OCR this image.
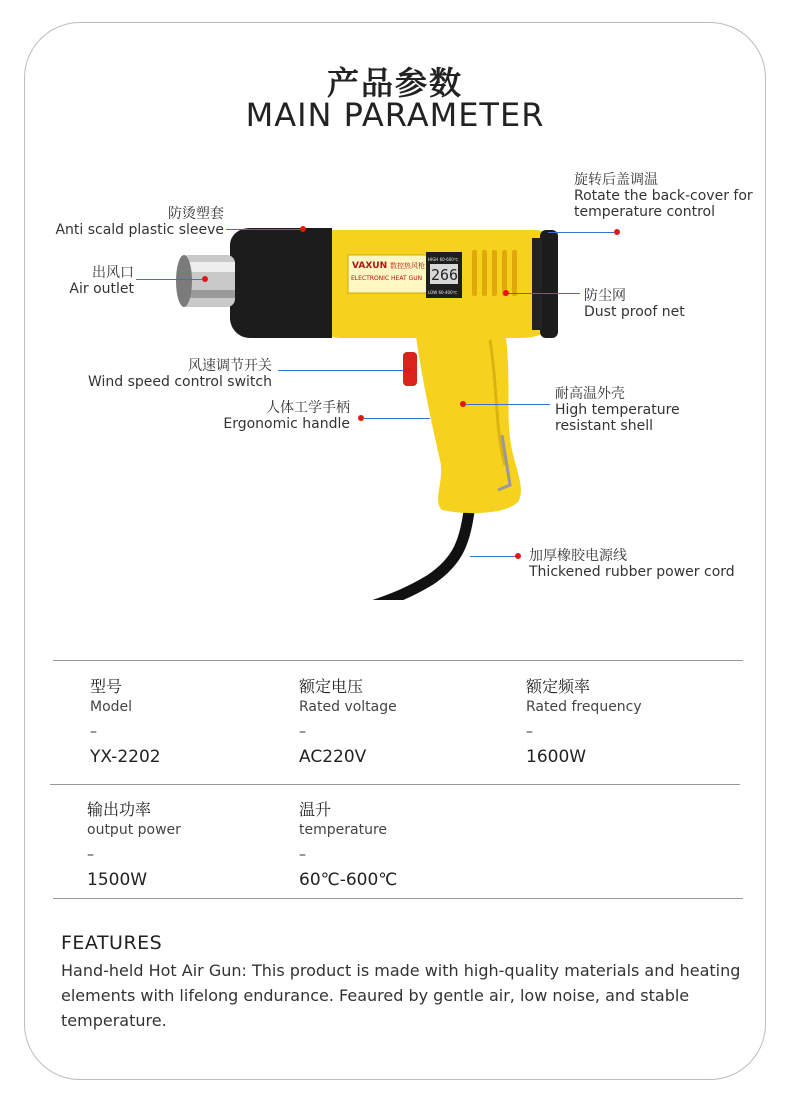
产品参数
MAIN PARAMETER
VAXUN 数控热风枪
ELECTRONIC HEAT GUN 266
HIGH 60-600℃
LOW 60-400℃
防烫塑套
Anti scald plastic sleeve
出风口
Air outlet
旋转后盖调温
Rotate the back-cover for
temperature control
防尘网
Dust proof net
风速调节开关
Wind speed control switch
人体工学手柄
Ergonomic handle
耐高温外壳
High temperature
resistant shell
加厚橡胶电源线
Thickened rubber power cord
型号
Model
–
YX-2202
额定电压
Rated voltage
–
AC220V
额定频率
Rated frequency
–
1600W
输出功率
output power
–
1500W
温升
temperature
–
60℃-600℃
FEATURES
Hand-held Hot Air Gun: This product is made with high-quality materials and heating elements with lifelong endurance. Feaured by gentle air, low noise, and stable temperature.
